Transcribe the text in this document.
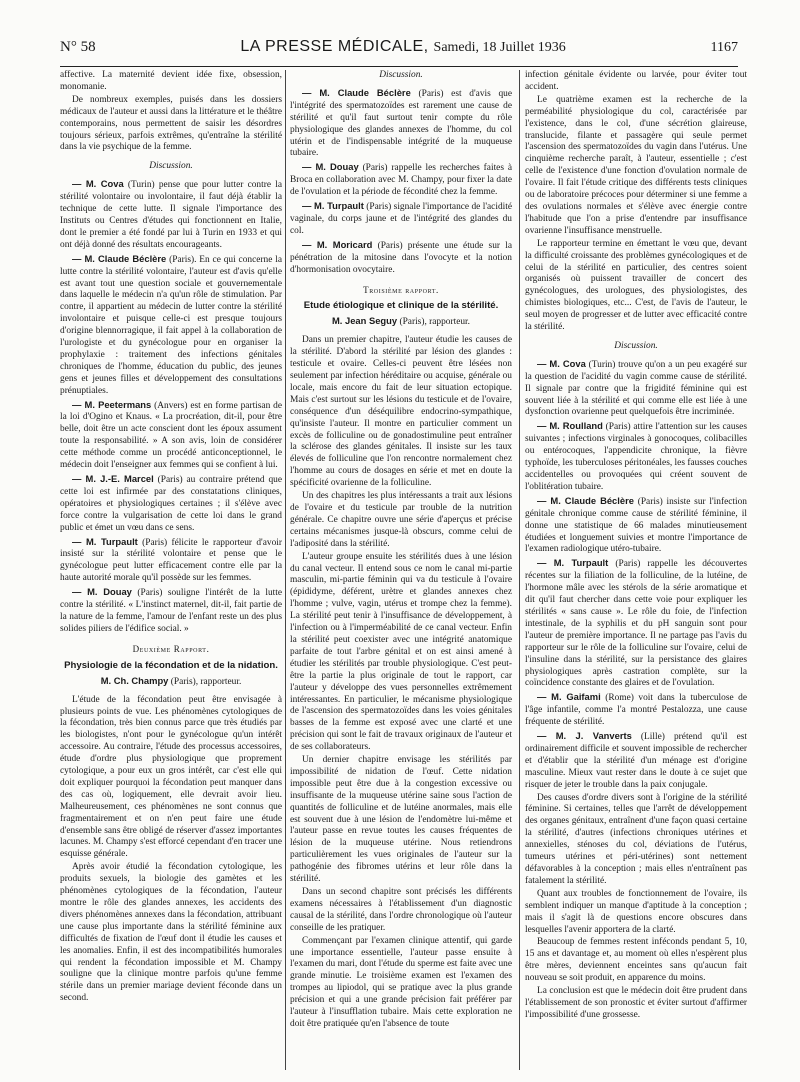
N° 58	LA PRESSE MÉDICALE, Samedi, 18 Juillet 1936	1167

affective. La maternité devient idée fixe, obsession, monomanie.

De nombreux exemples, puisés dans les dossiers médicaux de l'auteur et aussi dans la littérature et le théâtre contemporains, nous permettent de saisir les désordres toujours sérieux, parfois extrêmes, qu'entraîne la stérilité dans la vie psychique de la femme.

Discussion.

— M. Cova (Turin) pense que pour lutter contre la stérilité volontaire ou involontaire, il faut déjà établir la technique de cette lutte. Il signale l'importance des Instituts ou Centres d'études qui fonctionnent en Italie, dont le premier a été fondé par lui à Turin en 1933 et qui ont déjà donné des résultats encourageants.

— M. Claude Béclère (Paris). En ce qui concerne la lutte contre la stérilité volontaire, l'auteur est d'avis qu'elle est avant tout une question sociale et gouvernementale dans laquelle le médecin n'a qu'un rôle de stimulation. Par contre, il appartient au médecin de lutter contre la stérilité involontaire et puisque celle-ci est presque toujours d'origine blennorragique, il fait appel à la collaboration de l'urologiste et du gynécologue pour en organiser la prophylaxie : traitement des infections génitales chroniques de l'homme, éducation du public, des jeunes gens et jeunes filles et développement des consultations prénuptiales.

— M. Peetermans (Anvers) est en forme partisan de la loi d'Ogino et Knaus. « La procréation, dit-il, pour être belle, doit être un acte conscient dont les époux assument toute la responsabilité. » A son avis, loin de considérer cette méthode comme un procédé anticonceptionnel, le médecin doit l'enseigner aux femmes qui se confient à lui.

— M. J.-E. Marcel (Paris) au contraire prétend que cette loi est infirmée par des constatations cliniques, opératoires et physiologiques certaines ; il s'élève avec force contre la vulgarisation de cette loi dans le grand public et émet un vœu dans ce sens.

— M. Turpault (Paris) félicite le rapporteur d'avoir insisté sur la stérilité volontaire et pense que le gynécologue peut lutter efficacement contre elle par la haute autorité morale qu'il possède sur les femmes.

— M. Douay (Paris) souligne l'intérêt de la lutte contre la stérilité. « L'instinct maternel, dit-il, fait partie de la nature de la femme, l'amour de l'enfant reste un des plus solides piliers de l'édifice social. »

Deuxième Rapport.

Physiologie de la fécondation et de la nidation.

M. Ch. Champy (Paris), rapporteur.

L'étude de la fécondation peut être envisagée à plusieurs points de vue. Les phénomènes cytologiques de la fécondation, très bien connus parce que très étudiés par les biologistes, n'ont pour le gynécologue qu'un intérêt accessoire. Au contraire, l'étude des processus accessoires, étude d'ordre plus physiologique que proprement cytologique, a pour eux un gros intérêt, car c'est elle qui doit expliquer pourquoi la fécondation peut manquer dans des cas où, logiquement, elle devrait avoir lieu. Malheureusement, ces phénomènes ne sont connus que fragmentairement et on n'en peut faire une étude d'ensemble sans être obligé de réserver d'assez importantes lacunes. M. Champy s'est efforcé cependant d'en tracer une esquisse générale.

Après avoir étudié la fécondation cytologique, les produits sexuels, la biologie des gamètes et les phénomènes cytologiques de la fécondation, l'auteur montre le rôle des glandes annexes, les accidents des divers phénomènes annexes dans la fécondation, attribuant une cause plus importante dans la stérilité féminine aux difficultés de fixation de l'œuf dont il étudie les causes et les anomalies. Enfin, il est des incompatibilités humorales qui rendent la fécondation impossible et M. Champy souligne que la clinique montre parfois qu'une femme stérile dans un premier mariage devient féconde dans un second.

Discussion.

— M. Claude Béclère (Paris) est d'avis que l'intégrité des spermatozoïdes est rarement une cause de stérilité et qu'il faut surtout tenir compte du rôle physiologique des glandes annexes de l'homme, du col utérin et de l'indispensable intégrité de la muqueuse tubaire.

— M. Douay (Paris) rappelle les recherches faites à Broca en collaboration avec M. Champy, pour fixer la date de l'ovulation et la période de fécondité chez la femme.

— M. Turpault (Paris) signale l'importance de l'acidité vaginale, du corps jaune et de l'intégrité des glandes du col.

— M. Moricard (Paris) présente une étude sur la pénétration de la mitosine dans l'ovocyte et la notion d'hormonisation ovocytaire.

Troisième rapport.

Etude étiologique et clinique de la stérilité.

M. Jean Seguy (Paris), rapporteur.

Dans un premier chapitre, l'auteur étudie les causes de la stérilité. D'abord la stérilité par lésion des glandes : testicule et ovaire. Celles-ci peuvent être lésées non seulement par infection héréditaire ou acquise, générale ou locale, mais encore du fait de leur situation ectopique. Mais c'est surtout sur les lésions du testicule et de l'ovaire, conséquence d'un déséquilibre endocrino-sympathique, qu'insiste l'auteur. Il montre en particulier comment un excès de folliculine ou de gonadostimuline peut entraîner la sclérose des glandes génitales. Il insiste sur les taux élevés de folliculine que l'on rencontre normalement chez l'homme au cours de dosages en série et met en doute la spécificité ovarienne de la folliculine.

Un des chapitres les plus intéressants a trait aux lésions de l'ovaire et du testicule par trouble de la nutrition générale. Ce chapitre ouvre une série d'aperçus et précise certains mécanismes jusque-là obscurs, comme celui de l'adiposité dans la stérilité.

L'auteur groupe ensuite les stérilités dues à une lésion du canal vecteur. Il entend sous ce nom le canal mi-partie masculin, mi-partie féminin qui va du testicule à l'ovaire (épididyme, déférent, urètre et glandes annexes chez l'homme ; vulve, vagin, utérus et trompe chez la femme). La stérilité peut tenir à l'insuffisance de développement, à l'infection ou à l'imperméabilité de ce canal vecteur. Enfin la stérilité peut coexister avec une intégrité anatomique parfaite de tout l'arbre génital et on est ainsi amené à étudier les stérilités par trouble physiologique. C'est peut-être la partie la plus originale de tout le rapport, car l'auteur y développe des vues personnelles extrêmement intéressantes. En particulier, le mécanisme physiologique de l'ascension des spermatozoïdes dans les voies génitales basses de la femme est exposé avec une clarté et une précision qui sont le fait de travaux originaux de l'auteur et de ses collaborateurs.

Un dernier chapitre envisage les stérilités par impossibilité de nidation de l'œuf. Cette nidation impossible peut être due à la congestion excessive ou insuffisante de la muqueuse utérine saine sous l'action de quantités de folliculine et de lutéine anormales, mais elle est souvent due à une lésion de l'endomètre lui-même et l'auteur passe en revue toutes les causes fréquentes de lésion de la muqueuse utérine. Nous retiendrons particulièrement les vues originales de l'auteur sur la pathogénie des fibromes utérins et leur rôle dans la stérilité.

Dans un second chapitre sont précisés les différents examens nécessaires à l'établissement d'un diagnostic causal de la stérilité, dans l'ordre chronologique où l'auteur conseille de les pratiquer.

Commençant par l'examen clinique attentif, qui garde une importance essentielle, l'auteur passe ensuite à l'examen du mari, dont l'étude du sperme est faite avec une grande minutie. Le troisième examen est l'examen des trompes au lipiodol, qui se pratique avec la plus grande précision et qui a une grande précision fait préférer par l'auteur à l'insufflation tubaire. Mais cette exploration ne doit être pratiquée qu'en l'absence de toute

infection génitale évidente ou larvée, pour éviter tout accident.

Le quatrième examen est la recherche de la perméabilité physiologique du col, caractérisée par l'existence, dans le col, d'une sécrétion glaireuse, translucide, filante et passagère qui seule permet l'ascension des spermatozoïdes du vagin dans l'utérus. Une cinquième recherche paraît, à l'auteur, essentielle ; c'est celle de l'existence d'une fonction d'ovulation normale de l'ovaire. Il fait l'étude critique des différents tests cliniques ou de laboratoire précoces pour déterminer si une femme a des ovulations normales et s'élève avec énergie contre l'habitude que l'on a prise d'entendre par insuffisance ovarienne l'insuffisance menstruelle.

Le rapporteur termine en émettant le vœu que, devant la difficulté croissante des problèmes gynécologiques et de celui de la stérilité en particulier, des centres soient organisés où puissent travailler de concert des gynécologues, des urologues, des physiologistes, des chimistes biologiques, etc... C'est, de l'avis de l'auteur, le seul moyen de progresser et de lutter avec efficacité contre la stérilité.

Discussion.

— M. Cova (Turin) trouve qu'on a un peu exagéré sur la question de l'acidité du vagin comme cause de stérilité. Il signale par contre que la frigidité féminine qui est souvent liée à la stérilité et qui comme elle est liée à une dysfonction ovarienne peut quelquefois être incriminée.

— M. Roulland (Paris) attire l'attention sur les causes suivantes ; infections virginales à gonocoques, colibacilles ou entérocoques, l'appendicite chronique, la fièvre typhoïde, les tuberculoses péritonéales, les fausses couches accidentelles ou provoquées qui créent souvent de l'oblitération tubaire.

— M. Claude Béclère (Paris) insiste sur l'infection génitale chronique comme cause de stérilité féminine, il donne une statistique de 66 malades minutieusement étudiées et longuement suivies et montre l'importance de l'examen radiologique utéro-tubaire.

— M. Turpault (Paris) rappelle les découvertes récentes sur la filiation de la folliculine, de la lutéine, de l'hormone mâle avec les stérols de la série aromatique et dit qu'il faut chercher dans cette voie pour expliquer les stérilités « sans cause ». Le rôle du foie, de l'infection intestinale, de la syphilis et du pH sanguin sont pour l'auteur de première importance. Il ne partage pas l'avis du rapporteur sur le rôle de la folliculine sur l'ovaire, celui de l'insuline dans la stérilité, sur la persistance des glaires physiologiques après castration complète, sur la coïncidence constante des glaires et de l'ovulation.

— M. Gaifami (Rome) voit dans la tuberculose de l'âge infantile, comme l'a montré Pestalozza, une cause fréquente de stérilité.

— M. J. Vanverts (Lille) prétend qu'il est ordinairement difficile et souvent impossible de rechercher et d'établir que la stérilité d'un ménage est d'origine masculine. Mieux vaut rester dans le doute à ce sujet que risquer de jeter le trouble dans la paix conjugale.

Des causes d'ordre divers sont à l'origine de la stérilité féminine. Si certaines, telles que l'arrêt de développement des organes génitaux, entraînent d'une façon quasi certaine la stérilité, d'autres (infections chroniques utérines et annexielles, sténoses du col, déviations de l'utérus, tumeurs utérines et péri-utérines) sont nettement défavorables à la conception ; mais elles n'entraînent pas fatalement la stérilité.

Quant aux troubles de fonctionnement de l'ovaire, ils semblent indiquer un manque d'aptitude à la conception ; mais il s'agit là de questions encore obscures dans lesquelles l'avenir apportera de la clarté.

Beaucoup de femmes restent inféconds pendant 5, 10, 15 ans et davantage et, au moment où elles n'espèrent plus être mères, deviennent enceintes sans qu'aucun fait nouveau se soit produit, en apparence du moins.

La conclusion est que le médecin doit être prudent dans l'établissement de son pronostic et éviter surtout d'affirmer l'impossibilité d'une grossesse.
